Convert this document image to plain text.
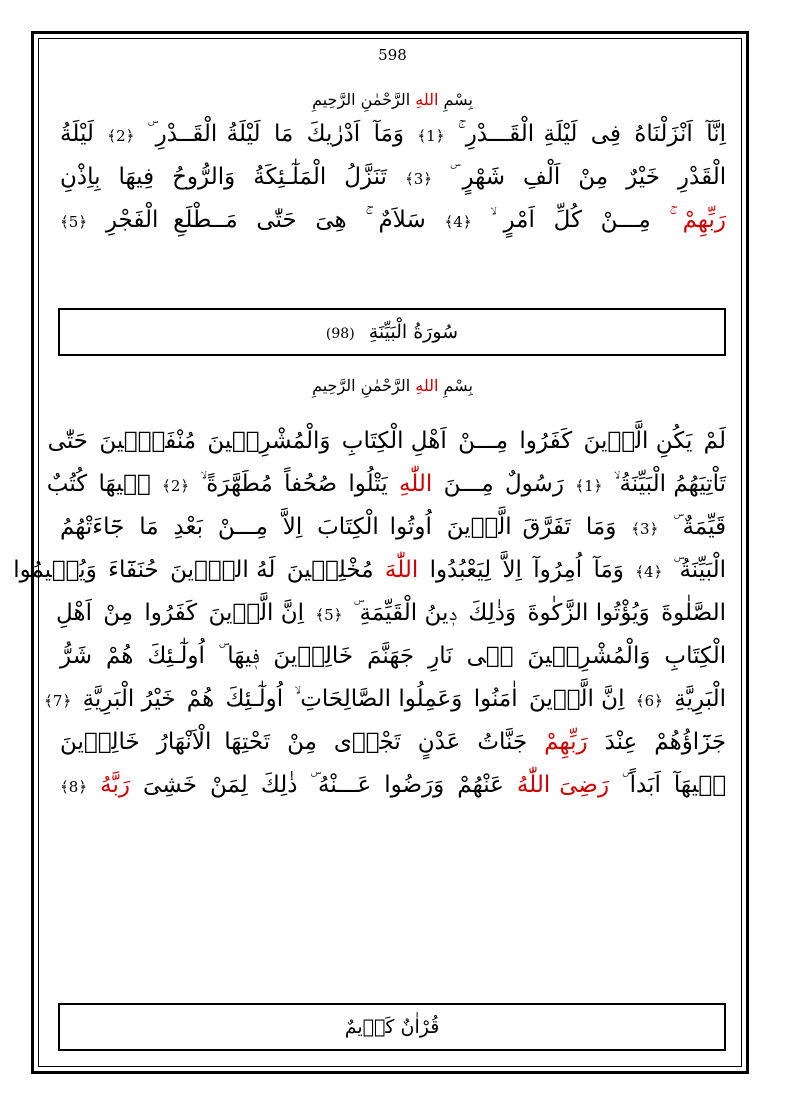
598
بِسْمِ اللهِ الرَّحْمٰنِ الرَّحِيمِ
اِنَّآ اَنْزَلْنَاهُ فِى لَيْلَةِ الْقَـــدْرِ ۚ ﴿1﴾ وَمَآ اَدْرٰيكَ مَا لَيْلَةُ الْقَــدْرِ ۜ ﴿2﴾ لَيْلَةُ
الْقَدْرِ خَيْرٌ مِنْ اَلْفِ شَهْرٍ ۜ ﴿3﴾ تَنَزَّلُ الْمَلٰٓـئِكَةُ وَالرُّوحُ فِيهَا بِاِذْنِ
رَبِّهِمْ ۚ مِـــنْ كُلِّ اَمْرٍ ۙ ﴿4﴾ سَلاَمٌ ۚ هِىَ حَتّٰى مَــطْلَعِ الْفَجْرِ ﴿5﴾
سُورَةُ الْبَيِّنَةِ (98)
بِسْمِ اللهِ الرَّحْمٰنِ الرَّحِيمِ
لَمْ يَكُنِ الَّذٖينَ كَفَرُوا مِـــنْ اَهْلِ الْكِتَابِ وَالْمُشْرِكٖينَ مُنْفَكّٖينَ حَتّٰى
تَاْتِيَهُمُ الْبَيِّنَةُ ۙ ﴿1﴾ رَسُولٌ مِـــنَ اللّٰهِ يَتْلُوا صُحُفاً مُطَهَّرَةً ۙ ﴿2﴾ فٖيهَا كُتُبٌ
قَيِّمَةٌ ۜ ﴿3﴾ وَمَا تَفَرَّقَ الَّذٖينَ اُوتُوا الْكِتَابَ اِلاَّ مِـــنْ بَعْدِ مَا جَٓاءَتْهُمُ
الْبَيِّنَةُ ۜ ﴿4﴾ وَمَآ اُمِرُوآ اِلاَّ لِيَعْبُدُوا اللّٰهَ مُخْلِصٖينَ لَهُ الدّٖينَ حُنَفَٓاءَ وَيُقٖيمُوا
الصَّلٰوةَ وَيُؤْتُوا الزَّكٰوةَ وَذٰلِكَ دٖينُ الْقَيِّمَةِ ۜ ﴿5﴾ اِنَّ الَّذٖينَ كَفَرُوا مِنْ اَهْلِ
الْكِتَابِ وَالْمُشْرِكٖينَ فٖى نَارِ جَهَنَّمَ خَالِدٖينَ فٖيهَا ۜ اُولٰٓـئِكَ هُمْ شَرُّ
الْبَرِيَّةِ ﴿6﴾ اِنَّ الَّذٖينَ اٰمَنُوا وَعَمِلُوا الصَّالِحَاتِ ۙ اُولٰٓـئِكَ هُمْ خَيْرُ الْبَرِيَّةِ ﴿7﴾
جَزَٓاؤُهُمْ عِنْدَ رَبِّهِمْ جَنَّاتُ عَدْنٍ تَجْرٖى مِنْ تَحْتِهَا الْاَنْهَارُ خَالِدٖينَ
فٖيهَآ اَبَداً ۜ رَضِىَ اللّٰهُ عَنْهُمْ وَرَضُوا عَـــنْهُ ۜ ذٰلِكَ لِمَنْ خَشِىَ رَبَّهُ ﴿8﴾
قُرْاٰنٌ كَرٖيمٌ
